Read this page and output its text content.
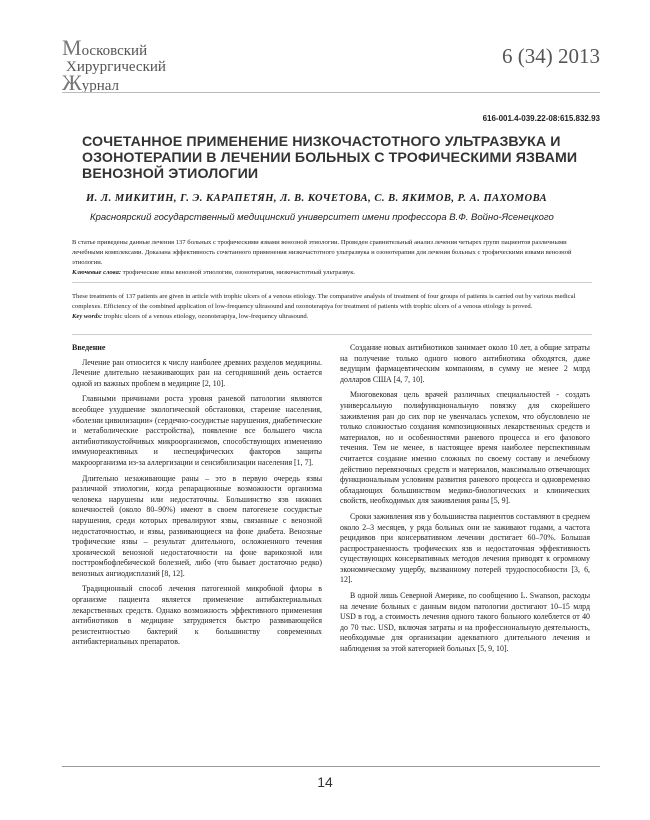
Московский
Хирургический
Журнал
6 (34) 2013
616-001.4-039.22-08:615.832.93
СОЧЕТАННОЕ ПРИМЕНЕНИЕ НИЗКОЧАСТОТНОГО УЛЬТРАЗВУКА И ОЗОНОТЕРАПИИ В ЛЕЧЕНИИ БОЛЬНЫХ С ТРОФИЧЕСКИМИ ЯЗВАМИ ВЕНОЗНОЙ ЭТИОЛОГИИ
И. Л. МИКИТИН, Г. Э. КАРАПЕТЯН, Л. В. КОЧЕТОВА, С. В. ЯКИМОВ, Р. А. ПАХОМОВА
Красноярский государственный медицинский университет имени профессора В.Ф. Войно-Ясенецкого

В статье приведены данные лечения 137 больных с трофическими язвами венозной этиологии. Проведен сравнительный анализ лечения четырех групп пациентов различными лечебными комплексами. Доказана эффективность сочетанного применения низкочастотного ультразвука и озонотерапии для лечения больных с трофическими язвами венозной этиологии.
Ключевые слова: трофические язвы венозной этиологии, озонотерапия, низкочастотный ультразвук.

These treatments of 137 patients are given in article with trophic ulcers of a venous etiology. The comparative analysis of treatment of four groups of patients is carried out by various medical complexes. Efficiency of the combined application of low-frequency ultrasound and ozonoterapiya for treatment of patients with trophic ulcers of a venous etiology is proved.
Key words: trophic ulcers of a venous etiology, ozonoterapiya, low-frequency ultrasound.

Введение

Лечение ран относится к числу наиболее древних разделов медицины. Лечение длительно незаживающих ран на сегодняшний день остается одной из важных проблем в медицине [2, 10].

Главными причинами роста уровня раневой патологии являются всеобщее ухудшение экологической обстановки, старение населения, «болезни цивилизации» (сердечно-сосудистые нарушения, диабетические и метаболические расстройства), появление все большего числа антибиотикоустойчивых микроорганизмов, способствующих изменению иммунореактивных и неспецифических факторов защиты макроорганизма из-за аллергизации и сенсибилизации населения [1, 7].

Длительно незаживающие раны – это в первую очередь язвы различной этиологии, когда репарационные возможности организма человека нарушены или недостаточны. Большинство язв нижних конечностей (около 80–90%) имеют в своем патогенезе сосудистые нарушения, среди которых превалируют язвы, связанные с венозной недостаточностью, и язвы, развивающиеся на фоне диабета. Венозные трофические язвы – результат длительного, осложненного течения хронической венозной недостаточности на фоне варикозной или посттромбофлебической болезней, либо (что бывает достаточно редко) венозных ангиодисплазий [8, 12].

Традиционный способ лечения патогенной микробной флоры в организме пациента является применение антибактериальных лекарственных средств. Однако возможность эффективного применения антибиотиков в медицине затрудняется быстро развивающейся резистентностью бактерий к большинству современных антибактериальных препаратов.

Создание новых антибиотиков занимает около 10 лет, а общие затраты на получение только одного нового антибиотика обходятся, даже ведущим фармацевтическим компаниям, в сумму не менее 2 млрд долларов США [4, 7, 10].

Многовековая цель врачей различных специальностей - создать универсальную полифункциональную повязку для скорейшего заживления ран до сих пор не увенчалась успехом, что обусловлено не только сложностью создания композиционных лекарственных средств и материалов, но и особенностями раневого процесса и его фазового течения. Тем не менее, в настоящее время наиболее перспективным считается создание именно сложных по своему составу и лечебному действию перевязочных средств и материалов, максимально отвечающих функциональным условиям развития раневого процесса и одновременно обладающих большинством медико-биологических и клинических свойств, необходимых для заживления раны [5, 9].

Сроки заживления язв у большинства пациентов составляют в среднем около 2–3 месяцев, у ряда больных они не заживают годами, а частота рецидивов при консервативном лечении достигает 60–70%. Большая распространенность трофических язв и недостаточная эффективность существующих консервативных методов лечения приводят к огромному экономическому ущербу, вызванному потерей трудоспособности [3, 6, 12].

В одной лишь Северной Америке, по сообщению L. Swanson, расходы на лечение больных с данным видом патологии достигают 10–15 млрд USD в год, а стоимость лечения одного такого больного колеблется от 40 до 70 тыс. USD, включая затраты и на профессиональную деятельность, необходимые для организации адекватного длительного лечения и наблюдения за этой категорией больных [5, 9, 10].

14
